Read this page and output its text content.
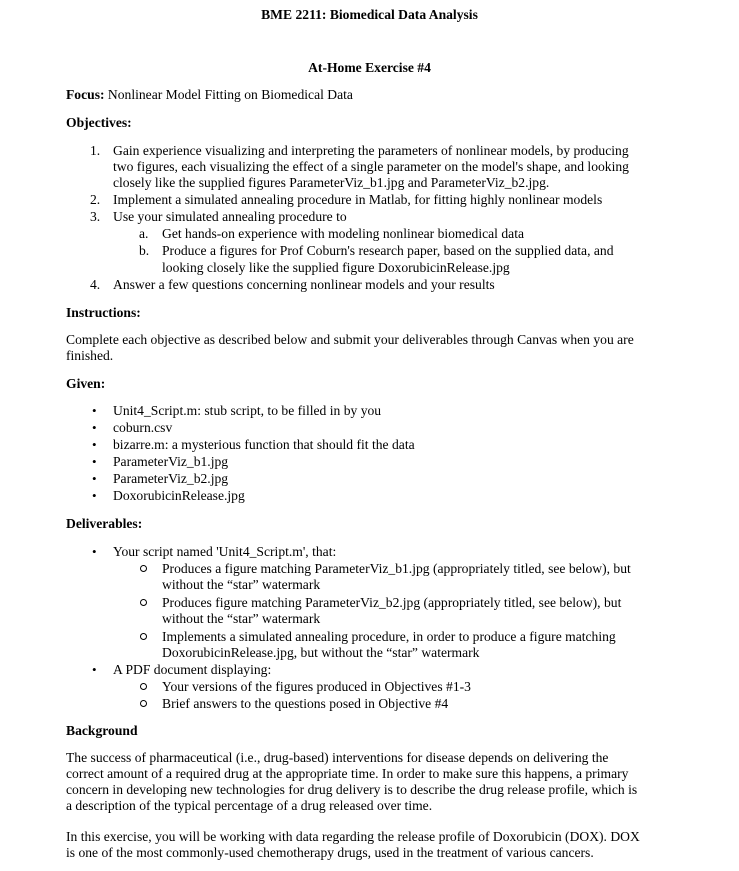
BME 2211: Biomedical Data Analysis
At-Home Exercise #4
Focus: Nonlinear Model Fitting on Biomedical Data
Objectives:
1. Gain experience visualizing and interpreting the parameters of nonlinear models, by producing
two figures, each visualizing the effect of a single parameter on the model's shape, and looking
closely like the supplied figures ParameterViz_b1.jpg and ParameterViz_b2.jpg.
2. Implement a simulated annealing procedure in Matlab, for fitting highly nonlinear models
3. Use your simulated annealing procedure to
a. Get hands-on experience with modeling nonlinear biomedical data
b. Produce a figures for Prof Coburn's research paper, based on the supplied data, and
looking closely like the supplied figure DoxorubicinRelease.jpg
4. Answer a few questions concerning nonlinear models and your results
Instructions:
Complete each objective as described below and submit your deliverables through Canvas when you are
finished.
Given:
• Unit4_Script.m: stub script, to be filled in by you
• coburn.csv
• bizarre.m: a mysterious function that should fit the data
• ParameterViz_b1.jpg
• ParameterViz_b2.jpg
• DoxorubicinRelease.jpg
Deliverables:
• Your script named 'Unit4_Script.m', that:
Produces a figure matching ParameterViz_b1.jpg (appropriately titled, see below), but
without the “star” watermark
Produces figure matching ParameterViz_b2.jpg (appropriately titled, see below), but
without the “star” watermark
Implements a simulated annealing procedure, in order to produce a figure matching
DoxorubicinRelease.jpg, but without the “star” watermark
• A PDF document displaying:
Your versions of the figures produced in Objectives #1-3
Brief answers to the questions posed in Objective #4
Background
The success of pharmaceutical (i.e., drug-based) interventions for disease depends on delivering the
correct amount of a required drug at the appropriate time. In order to make sure this happens, a primary
concern in developing new technologies for drug delivery is to describe the drug release profile, which is
a description of the typical percentage of a drug released over time.
In this exercise, you will be working with data regarding the release profile of Doxorubicin (DOX). DOX
is one of the most commonly-used chemotherapy drugs, used in the treatment of various cancers.
